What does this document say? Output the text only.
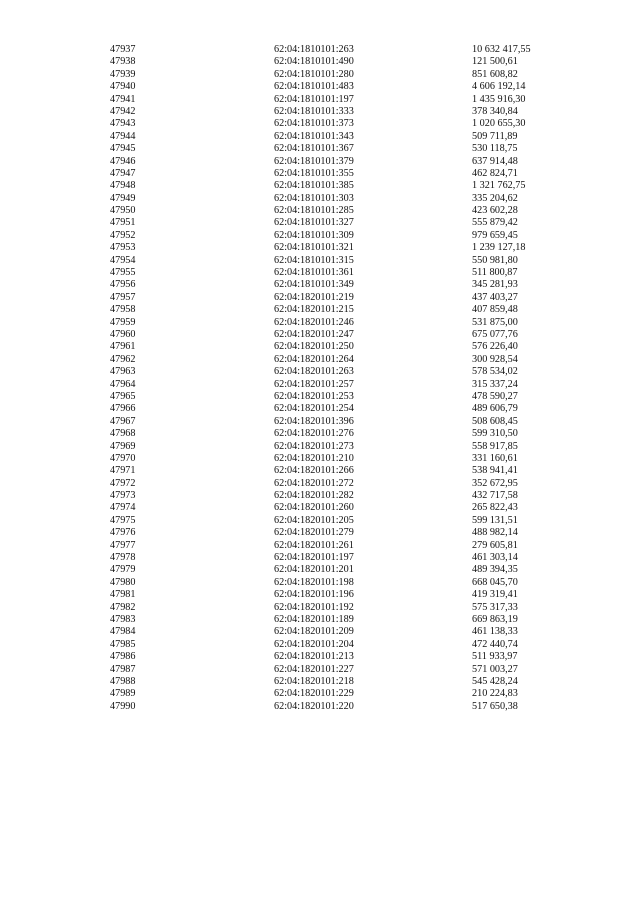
47937	62:04:1810101:263	10 632 417,55
47938	62:04:1810101:490	121 500,61
47939	62:04:1810101:280	851 608,82
47940	62:04:1810101:483	4 606 192,14
47941	62:04:1810101:197	1 435 916,30
47942	62:04:1810101:333	378 340,84
47943	62:04:1810101:373	1 020 655,30
47944	62:04:1810101:343	509 711,89
47945	62:04:1810101:367	530 118,75
47946	62:04:1810101:379	637 914,48
47947	62:04:1810101:355	462 824,71
47948	62:04:1810101:385	1 321 762,75
47949	62:04:1810101:303	335 204,62
47950	62:04:1810101:285	423 602,28
47951	62:04:1810101:327	555 879,42
47952	62:04:1810101:309	979 659,45
47953	62:04:1810101:321	1 239 127,18
47954	62:04:1810101:315	550 981,80
47955	62:04:1810101:361	511 800,87
47956	62:04:1810101:349	345 281,93
47957	62:04:1820101:219	437 403,27
47958	62:04:1820101:215	407 859,48
47959	62:04:1820101:246	531 875,00
47960	62:04:1820101:247	675 077,76
47961	62:04:1820101:250	576 226,40
47962	62:04:1820101:264	300 928,54
47963	62:04:1820101:263	578 534,02
47964	62:04:1820101:257	315 337,24
47965	62:04:1820101:253	478 590,27
47966	62:04:1820101:254	489 606,79
47967	62:04:1820101:396	508 608,45
47968	62:04:1820101:276	599 310,50
47969	62:04:1820101:273	558 917,85
47970	62:04:1820101:210	331 160,61
47971	62:04:1820101:266	538 941,41
47972	62:04:1820101:272	352 672,95
47973	62:04:1820101:282	432 717,58
47974	62:04:1820101:260	265 822,43
47975	62:04:1820101:205	599 131,51
47976	62:04:1820101:279	488 982,14
47977	62:04:1820101:261	279 605,81
47978	62:04:1820101:197	461 303,14
47979	62:04:1820101:201	489 394,35
47980	62:04:1820101:198	668 045,70
47981	62:04:1820101:196	419 319,41
47982	62:04:1820101:192	575 317,33
47983	62:04:1820101:189	669 863,19
47984	62:04:1820101:209	461 138,33
47985	62:04:1820101:204	472 440,74
47986	62:04:1820101:213	511 933,97
47987	62:04:1820101:227	571 003,27
47988	62:04:1820101:218	545 428,24
47989	62:04:1820101:229	210 224,83
47990	62:04:1820101:220	517 650,38
